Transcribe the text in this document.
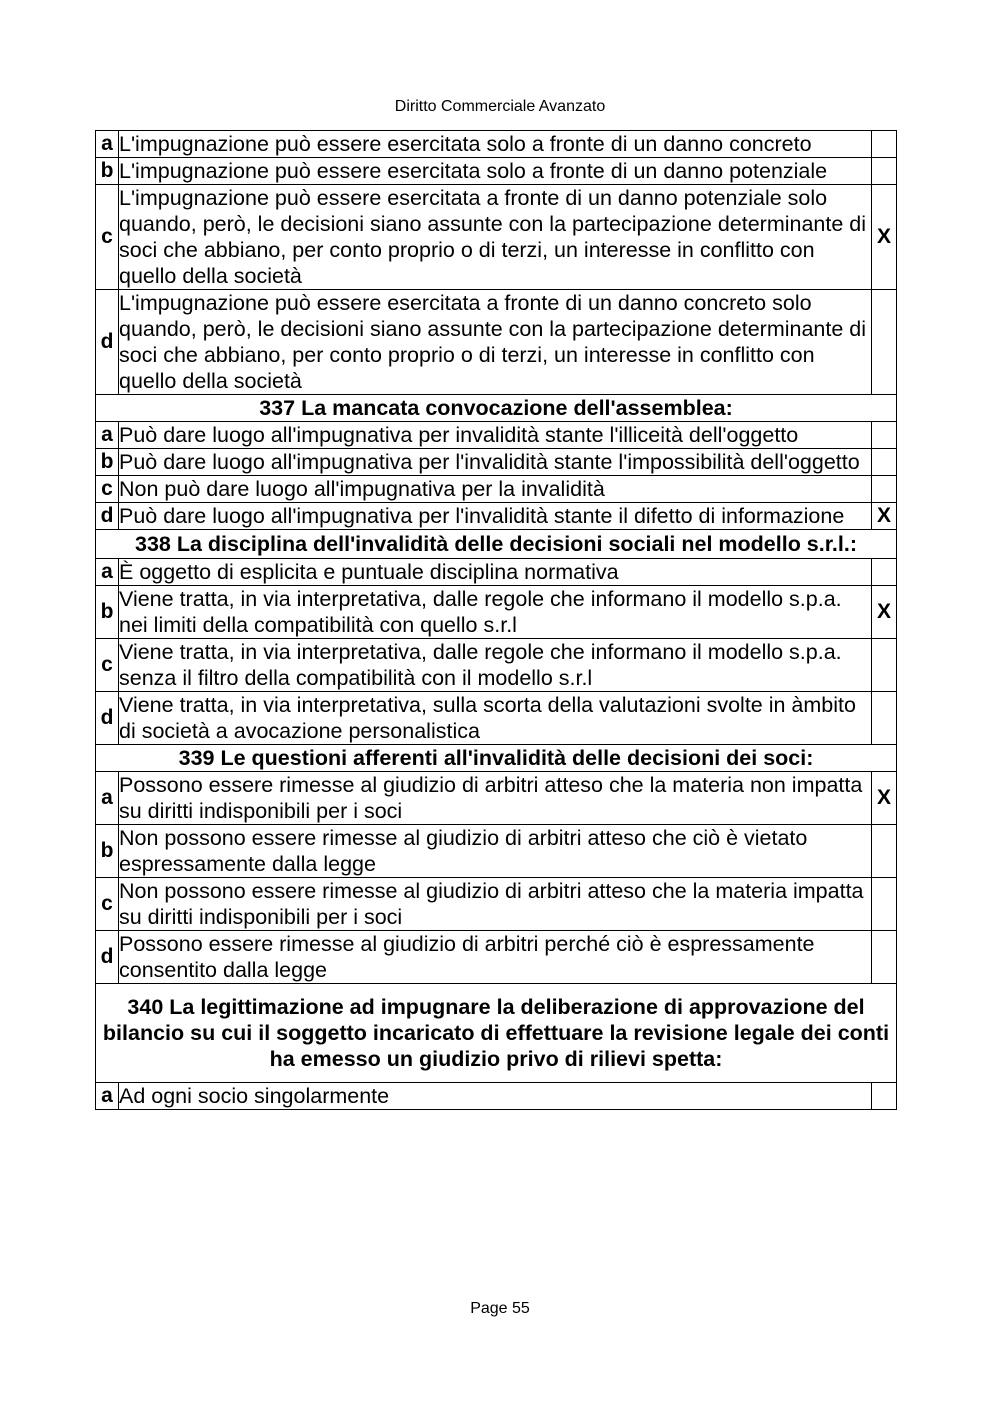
Diritto Commerciale Avanzato
a	L'impugnazione può essere esercitata solo a fronte di un danno concreto	
b	L'impugnazione può essere esercitata solo a fronte di un danno potenziale	
c	L'impugnazione può essere esercitata a fronte di un danno potenziale solo quando, però, le decisioni siano assunte con la partecipazione determinante di soci che abbiano, per conto proprio o di terzi, un interesse in conflitto con quello della società	X
d	L'impugnazione può essere esercitata a fronte di un danno concreto solo quando, però, le decisioni siano assunte con la partecipazione determinante di soci che abbiano, per conto proprio o di terzi, un interesse in conflitto con quello della società	
337 La mancata convocazione dell'assemblea:		
a	Può dare luogo all'impugnativa per invalidità stante l'illiceità dell'oggetto	
b	Può dare luogo all'impugnativa per l'invalidità stante l'impossibilità dell'oggetto	
c	Non può dare luogo all'impugnativa per la invalidità	
d	Può dare luogo all'impugnativa per l'invalidità stante il difetto di informazione	X
338 La disciplina dell'invalidità delle decisioni sociali nel modello s.r.l.:		
a	È oggetto di esplicita e puntuale disciplina normativa	
b	Viene tratta, in via interpretativa, dalle regole che informano il modello s.p.a. nei limiti della compatibilità con quello s.r.l	X
c	Viene tratta, in via interpretativa, dalle regole che informano il modello s.p.a. senza il filtro della compatibilità con il modello s.r.l	
d	Viene tratta, in via interpretativa, sulla scorta della valutazioni svolte in àmbito di società a avocazione personalistica	
339 Le questioni afferenti all'invalidità delle decisioni dei soci:		
a	Possono essere rimesse al giudizio di arbitri atteso che la materia non impatta su diritti indisponibili per i soci	X
b	Non possono essere rimesse al giudizio di arbitri atteso che ciò è vietato espressamente dalla legge	
c	Non possono essere rimesse al giudizio di arbitri atteso che la materia impatta su diritti indisponibili per i soci	
d	Possono essere rimesse al giudizio di arbitri perché ciò è espressamente consentito dalla legge	
340 La legittimazione ad impugnare la deliberazione di approvazione del bilancio su cui il soggetto incaricato di effettuare la revisione legale dei conti ha emesso un giudizio privo di rilievi spetta:		
a	Ad ogni socio singolarmente	
Page 55
